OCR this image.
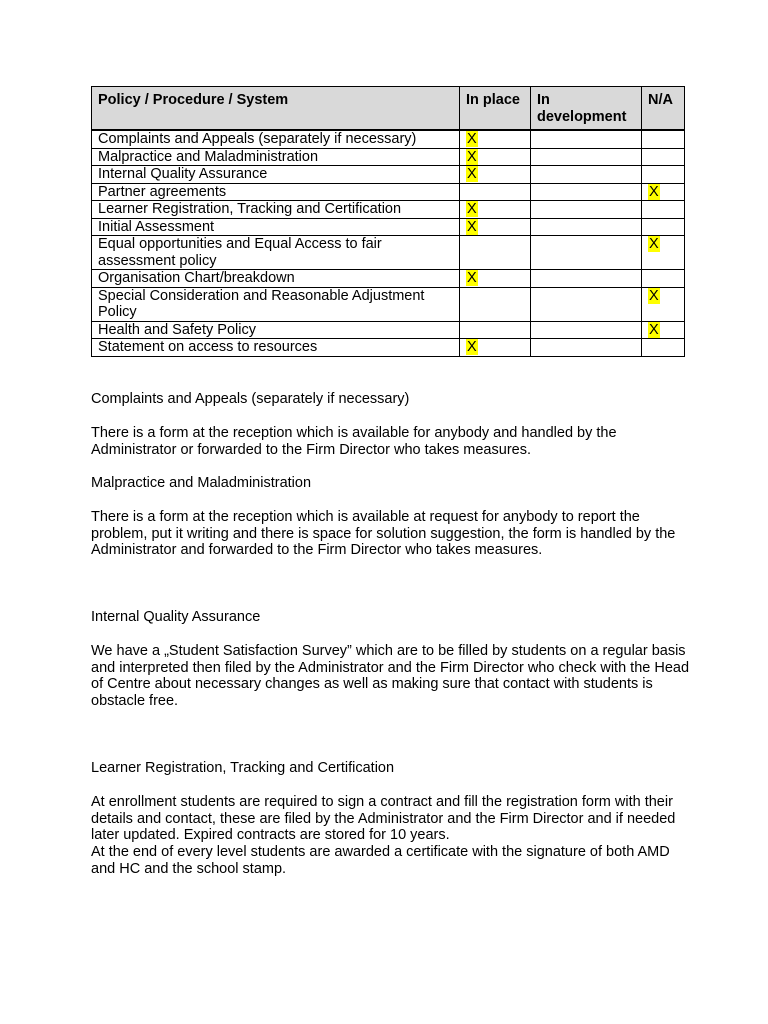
Policy / Procedure / System	In place	In development	N/A
Complaints and Appeals (separately if necessary)	X		
Malpractice and Maladministration	X		
Internal Quality Assurance	X		
Partner agreements			X
Learner Registration, Tracking and Certification	X		
Initial Assessment	X		
Equal opportunities and Equal Access to fair assessment policy			X
Organisation Chart/breakdown	X		
Special Consideration and Reasonable Adjustment Policy			X
Health and Safety Policy			X
Statement on access to resources	X		

Complaints and Appeals (separately if necessary)

There is a form at the reception which is available for anybody and handled by the Administrator or forwarded to the Firm Director who takes measures.

Malpractice and Maladministration

There is a form at the reception which is available at request for anybody to report the problem, put it writing and there is space for solution suggestion, the form is handled by the Administrator and forwarded to the Firm Director who takes measures.

Internal Quality Assurance

We have a „Student Satisfaction Survey” which are to be filled by students on a regular basis and interpreted then filed by the Administrator and the Firm Director who check with the Head of Centre about necessary changes as well as making sure that contact with students is obstacle free.

Learner Registration, Tracking and Certification

At enrollment students are required to sign a contract and fill the registration form with their details and contact, these are filed by the Administrator and the Firm Director and if needed later updated. Expired contracts are stored for 10 years.

At the end of every level students are awarded a certificate with the signature of both AMD and HC and the school stamp.
